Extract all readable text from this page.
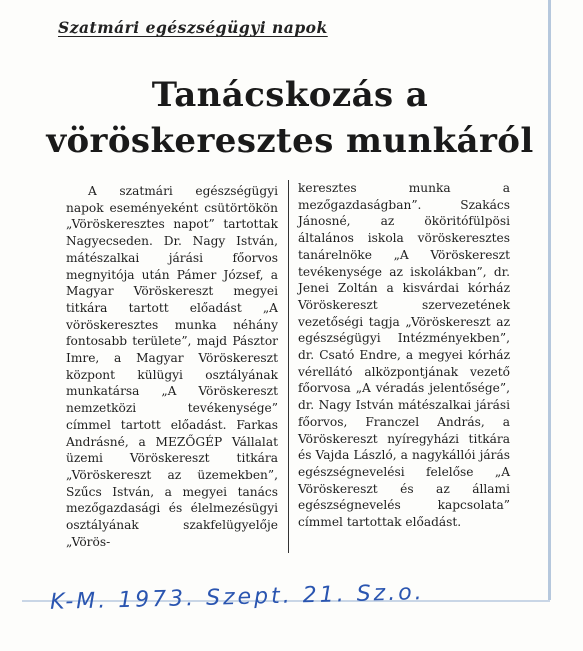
Szatmári egészségügyi napok
Tanácskozás a
vöröskeresztes munkáról

A szatmári egészségügyi napok eseményeként csütörtökön „Vöröskeresztes napot” tartottak Nagyecseden. Dr. Nagy István, mátészalkai járási főorvos megnyitója után Pámer József, a Magyar Vöröskereszt megyei titkára tartott előadást „A vöröskeresztes munka néhány fontosabb területe”, majd Pásztor Imre, a Magyar Vöröskereszt központ külügyi osztályának munkatársa „A Vöröskereszt nemzetközi tevékenysége” címmel tartott előadást. Farkas Andrásné, a MEZŐGÉP Vállalat üzemi Vöröskereszt titkára „Vöröskereszt az üzemekben”, Szűcs István, a megyei tanács mezőgazdasági és élelmezésügyi osztályának szakfelügyelője „Vörös-

keresztes munka a mezőgazdaságban”. Szakács Jánosné, az ököritófülpösi általános iskola vöröskeresztes tanárelnöke „A Vöröskereszt tevékenysége az iskolákban”, dr. Jenei Zoltán a kisvárdai kórház Vöröskereszt szervezetének vezetőségi tagja „Vöröskereszt az egészségügyi Intézményekben”, dr. Csató Endre, a megyei kórház vérellátó alközpontjának vezető főorvosa „A véradás jelentősége”, dr. Nagy István mátészalkai járási főorvos, Franczel András, a Vöröskereszt nyíregyházi titkára és Vajda László, a nagykállói járás egészségnevelési felelőse „A Vöröskereszt és az állami egészségnevelés kapcsolata” címmel tartottak előadást.

K-M. 1973. Szept. 21. Sz.o.
